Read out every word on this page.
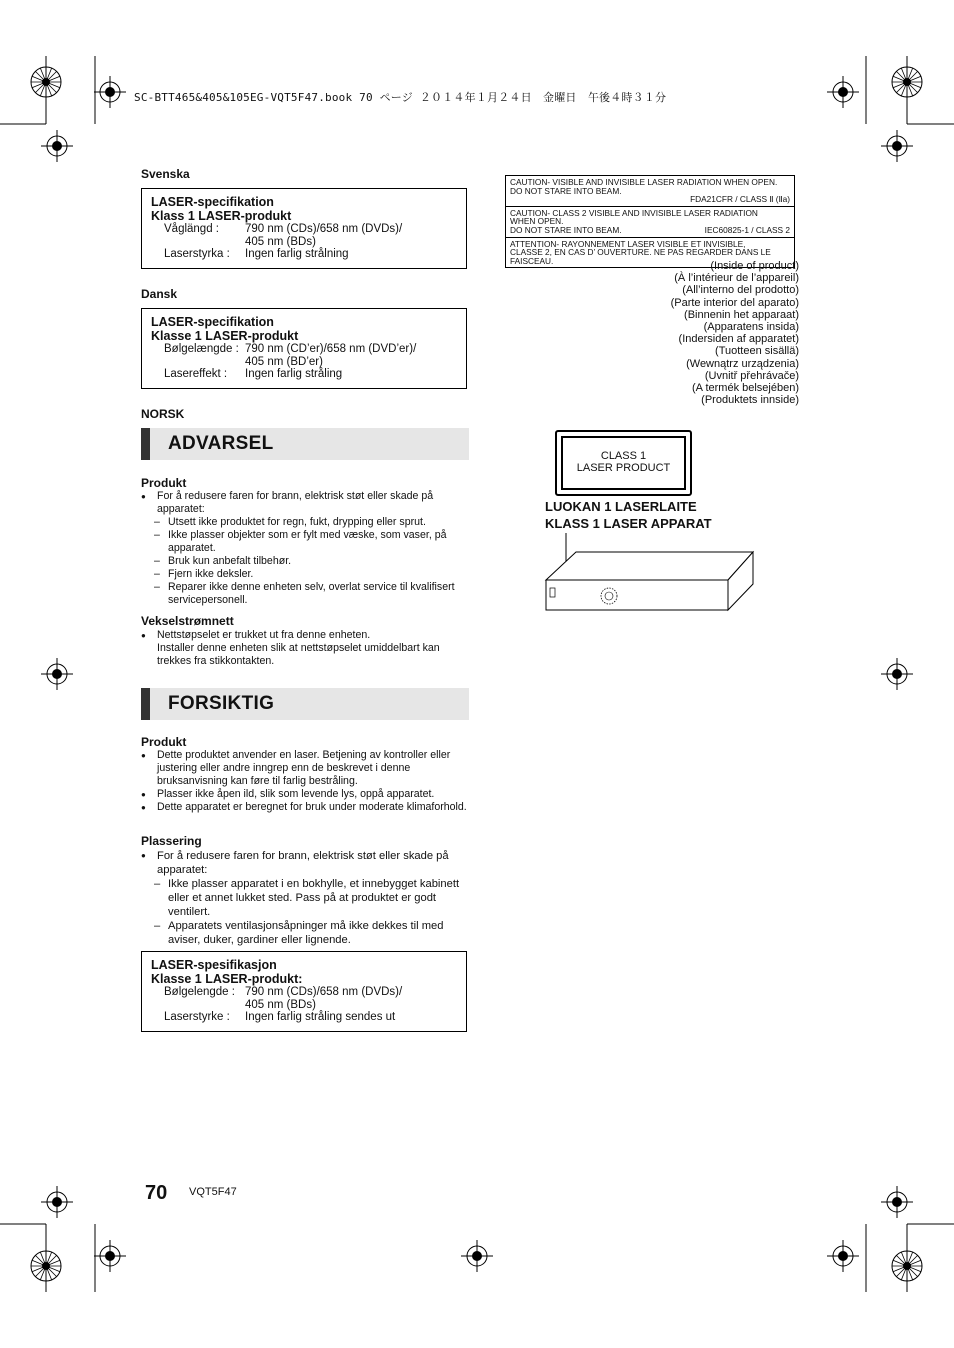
SC-BTT465&405&105EG-VQT5F47.book 70 ページ ２０１４年１月２４日　金曜日　午後４時３１分
Svenska
LASER-specifikation
Klass 1 LASER-produkt
Våglängd :	790 nm (CDs)/658 nm (DVDs)/
405 nm (BDs)
Laserstyrka :	Ingen farlig strålning
Dansk
LASER-specifikation
Klasse 1 LASER-produkt
Bølgelængde : 790 nm (CD’er)/658 nm (DVD’er)/
405 nm (BD’er)
Lasereffekt :	Ingen farlig stråling
NORSK
ADVARSEL
Produkt
●	For å redusere faren for brann, elektrisk støt eller skade på apparatet:
– Utsett ikke produktet for regn, fukt, drypping eller sprut.
– Ikke plasser objekter som er fylt med væske, som vaser, på apparatet.
– Bruk kun anbefalt tilbehør.
– Fjern ikke deksler.
– Reparer ikke denne enheten selv, overlat service til kvalifisert servicepersonell.
Vekselstrømnett
●	Nettstøpselet er trukket ut fra denne enheten.
Installer denne enheten slik at nettstøpselet umiddelbart kan trekkes fra stikkontakten.
FORSIKTIG
Produkt
●	Dette produktet anvender en laser. Betjening av kontroller eller justering eller andre inngrep enn de beskrevet i denne bruksanvisning kan føre til farlig bestråling.
●	Plasser ikke åpen ild, slik som levende lys, oppå apparatet.
●	Dette apparatet er beregnet for bruk under moderate klimaforhold.
Plassering
● For å redusere faren for brann, elektrisk støt eller skade på apparatet:
– Ikke plasser apparatet i en bokhylle, et innebygget kabinett eller et annet lukket sted. Pass på at produktet er godt ventilert.
– Apparatets ventilasjonsåpninger må ikke dekkes til med aviser, duker, gardiner eller lignende.
LASER-spesifikasjon
Klasse 1 LASER-produkt:
Bølgelengde : 790 nm (CDs)/658 nm (DVDs)/
405 nm (BDs)
Laserstyrke :	Ingen farlig stråling sendes ut
CAUTION- VISIBLE AND INVISIBLE LASER RADIATION WHEN OPEN.
DO NOT STARE INTO BEAM.
FDA21CFR / CLASS Ⅱ (Ⅱa)
CAUTION- CLASS 2 VISIBLE AND INVISIBLE LASER RADIATION
WHEN OPEN.
DO NOT STARE INTO BEAM.	IEC60825-1 / CLASS 2
ATTENTION- RAYONNEMENT LASER VISIBLE ET INVISIBLE,
CLASSE 2, EN CAS D’ OUVERTURE. NE PAS REGARDER DANS LE
FAISCEAU.	(Inside of product)
(À l’intérieur de l’appareil)
(All’interno del prodotto)
(Parte interior del aparato)
(Binnenin het apparaat)
(Apparatens insida)
(Indersiden af apparatet)
(Tuotteen sisällä)
(Wewnątrz urządzenia)
(Uvnitř přehrávače)
(A termék belsejében)
(Produktets innside)
CLASS 1
LASER PRODUCT
LUOKAN 1 LASERLAITE
KLASS 1 LASER APPARAT
70 VQT5F47
